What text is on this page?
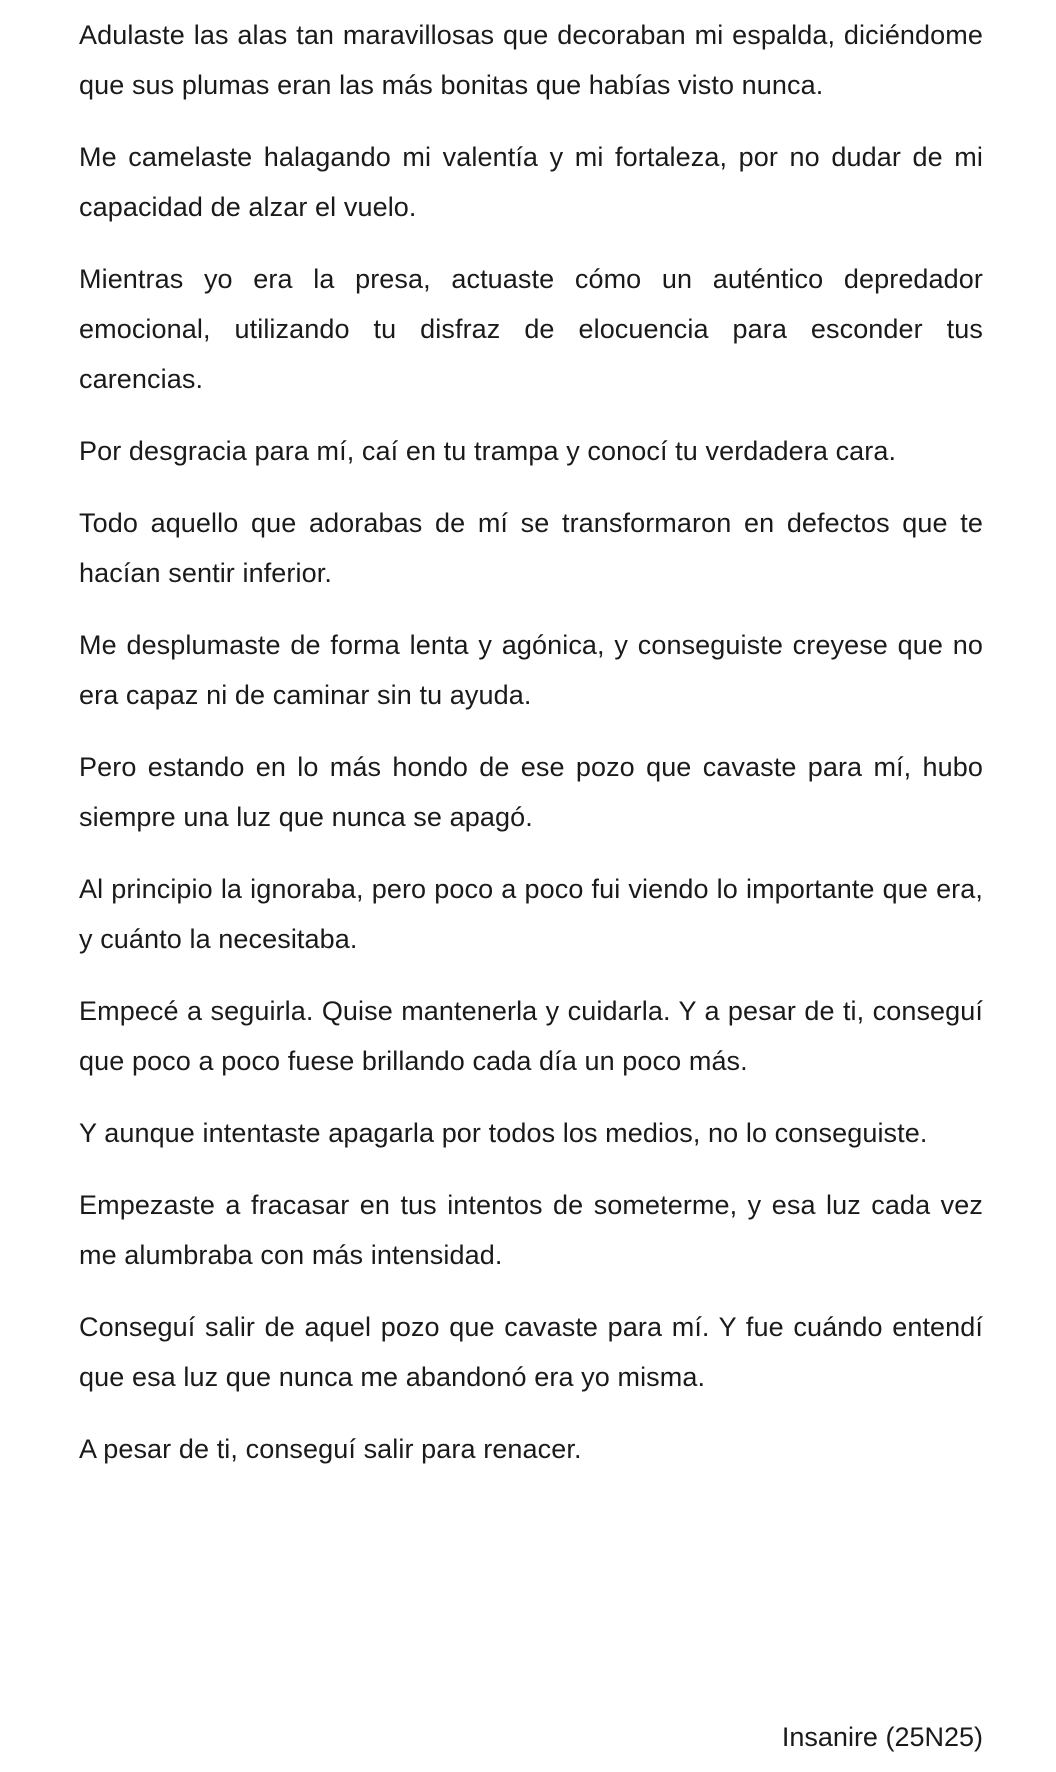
Adulaste las alas tan maravillosas que decoraban mi espalda, diciéndome que sus plumas eran las más bonitas que habías visto nunca.

Me camelaste halagando mi valentía y mi fortaleza, por no dudar de mi capacidad de alzar el vuelo.

Mientras yo era la presa, actuaste cómo un auténtico depredador emocional, utilizando tu disfraz de elocuencia para esconder tus carencias.

Por desgracia para mí, caí en tu trampa y conocí tu verdadera cara.

Todo aquello que adorabas de mí se transformaron en defectos que te hacían sentir inferior.

Me desplumaste de forma lenta y agónica, y conseguiste creyese que no era capaz ni de caminar sin tu ayuda.

Pero estando en lo más hondo de ese pozo que cavaste para mí, hubo siempre una luz que nunca se apagó.

Al principio la ignoraba, pero poco a poco fui viendo lo importante que era, y cuánto la necesitaba.

Empecé a seguirla. Quise mantenerla y cuidarla. Y a pesar de ti, conseguí que poco a poco fuese brillando cada día un poco más.

Y aunque intentaste apagarla por todos los medios, no lo conseguiste.

Empezaste a fracasar en tus intentos de someterme, y esa luz cada vez me alumbraba con más intensidad.

Conseguí salir de aquel pozo que cavaste para mí. Y fue cuándo entendí que esa luz que nunca me abandonó era yo misma.

A pesar de ti, conseguí salir para renacer.

Insanire (25N25)
